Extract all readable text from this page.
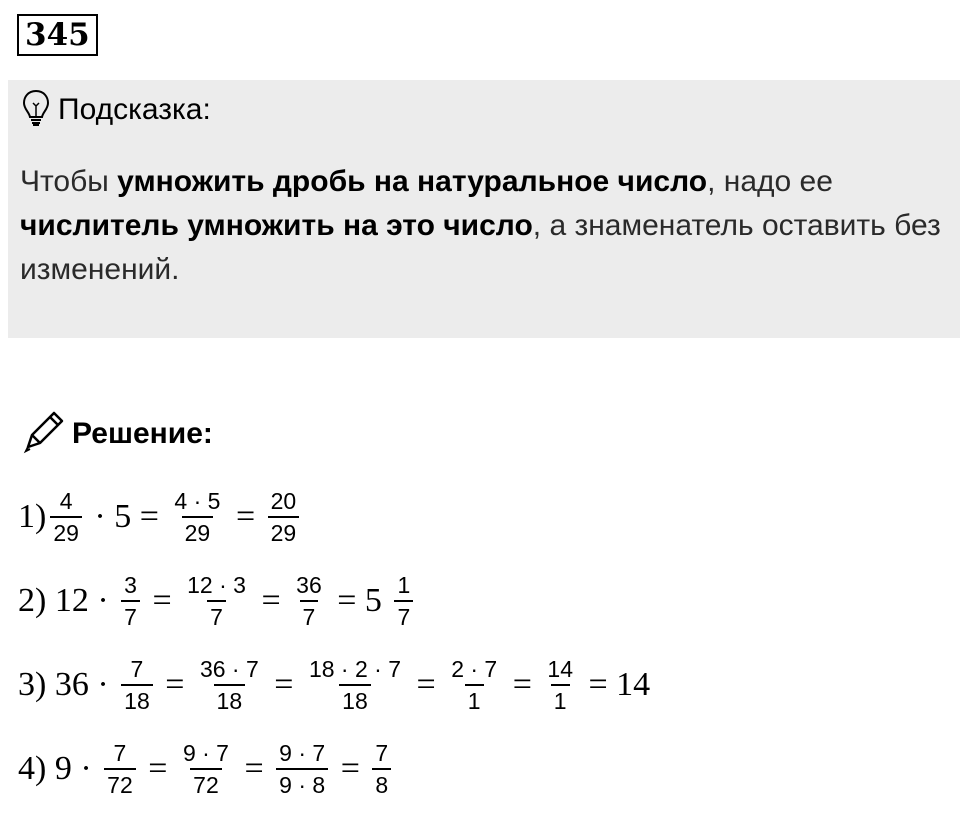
345
Подсказка:
Чтобы умножить дробь на натуральное число, надо ее числитель умножить на это число, а знаменатель оставить без изменений.
Решение:
$1) \frac{4}{29} \cdot 5 = \frac{4 \cdot 5}{29} = \frac{20}{29}$
2) $12 \cdot \frac{3}{7} = \frac{12 \cdot 3}{7} = \frac{36}{7} = 5 \frac{1}{7}$
3) $36 \cdot \frac{7}{18} = \frac{36 \cdot 7}{18} = \frac{18 \cdot 2 \cdot 7}{18} = \frac{2 \cdot 7}{1} = \frac{14}{1} = 14$
4) $9 \cdot \frac{7}{72} = \frac{9 \cdot 7}{72} = \frac{9 \cdot 7}{9 \cdot 8} = \frac{7}{8}$
